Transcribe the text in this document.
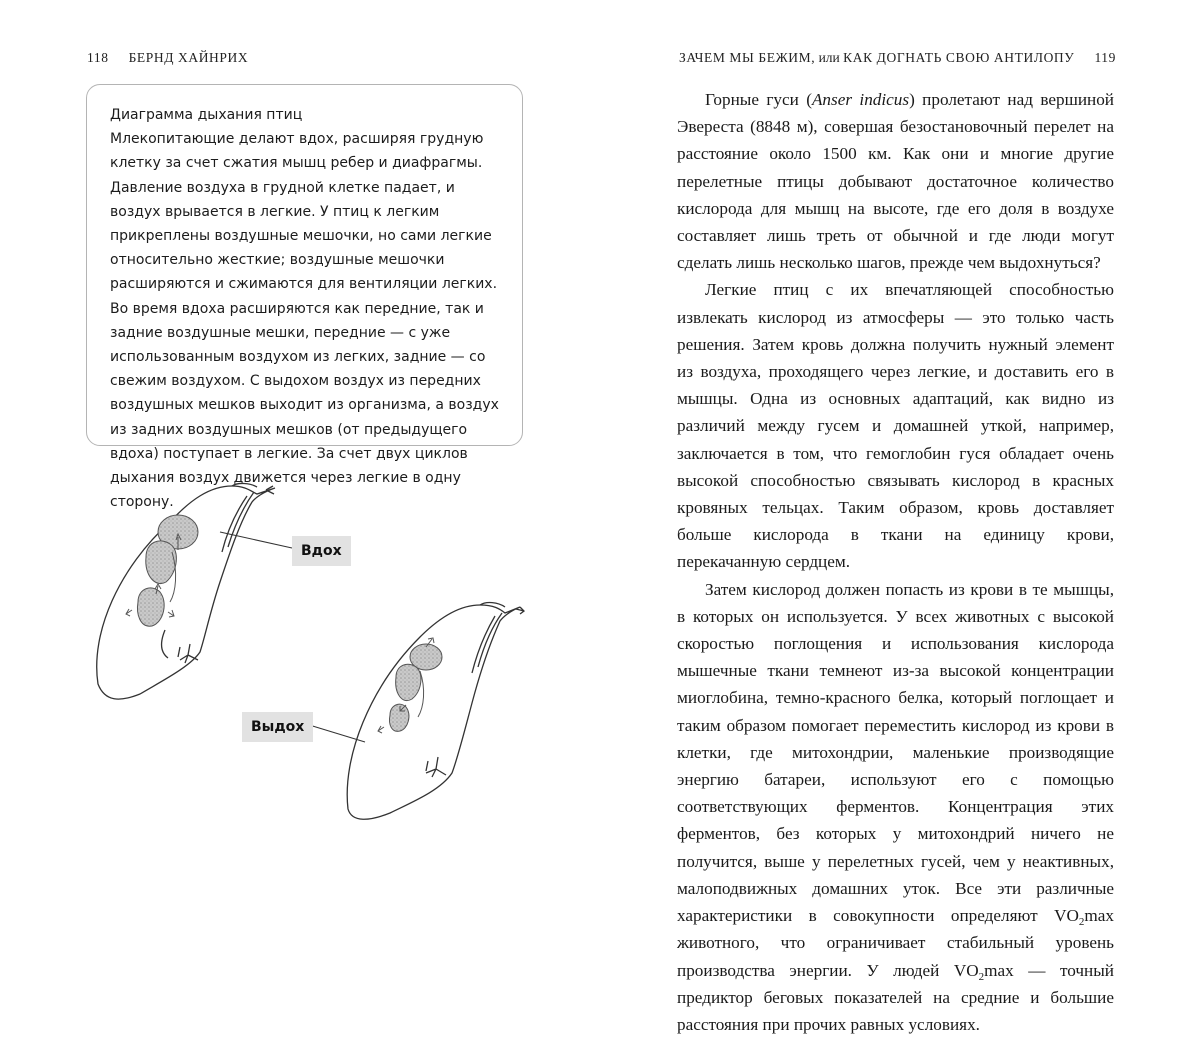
118 БЕРНД ХАЙНРИХ	ЗАЧЕМ МЫ БЕЖИМ, или КАК ДОГНАТЬ СВОЮ АНТИЛОПУ 119

Диаграмма дыхания птиц

Млекопитающие делают вдох, расширяя грудную клетку за счет сжатия мышц ребер и диафрагмы. Давление воздуха в грудной клетке падает, и воздух врывается в легкие. У птиц к легким прикреплены воздушные мешочки, но сами легкие относительно жесткие; воздушные мешочки расширяются и сжимаются для вентиляции легких. Во время вдоха расширяются как передние, так и задние воздушные мешки, передние — с уже использованным воздухом из легких, задние — со свежим воздухом. С выдохом воздух из передних воздушных мешков выходит из организма, а воздух из задних воздушных мешков (от предыдущего вдоха) поступает в легкие. За счет двух циклов дыхания воздух движется через легкие в одну сторону.

Вдох
Выдох

Горные гуси (Anser indicus) пролетают над вершиной Эвереста (8848 м), совершая безостановочный перелет на расстояние около 1500 км. Как они и многие другие перелетные птицы добывают достаточное количество кислорода для мышц на высоте, где его доля в воздухе составляет лишь треть от обычной и где люди могут сделать лишь несколько шагов, прежде чем выдохнуться?

Легкие птиц с их впечатляющей способностью извлекать кислород из атмосферы — это только часть решения. Затем кровь должна получить нужный элемент из воздуха, проходящего через легкие, и доставить его в мышцы. Одна из основных адаптаций, как видно из различий между гусем и домашней уткой, например, заключается в том, что гемоглобин гуся обладает очень высокой способностью связывать кислород в красных кровяных тельцах. Таким образом, кровь доставляет больше кислорода в ткани на единицу крови, перекачанную сердцем.

Затем кислород должен попасть из крови в те мышцы, в которых он используется. У всех животных с высокой скоростью поглощения и использования кислорода мышечные ткани темнеют из-за высокой концентрации миоглобина, темно-красного белка, который поглощает и таким образом помогает переместить кислород из крови в клетки, где митохондрии, маленькие производящие энергию батареи, используют его с помощью соответствующих ферментов. Концентрация этих ферментов, без которых у митохондрий ничего не получится, выше у перелетных гусей, чем у неактивных, малоподвижных домашних уток. Все эти различные характеристики в совокупности определяют $VO_2\max$ животного, что ограничивает стабильный уровень производства энергии. У людей $VO_2\max$ — точный предиктор беговых показателей на средние и большие расстояния при прочих равных условиях.
